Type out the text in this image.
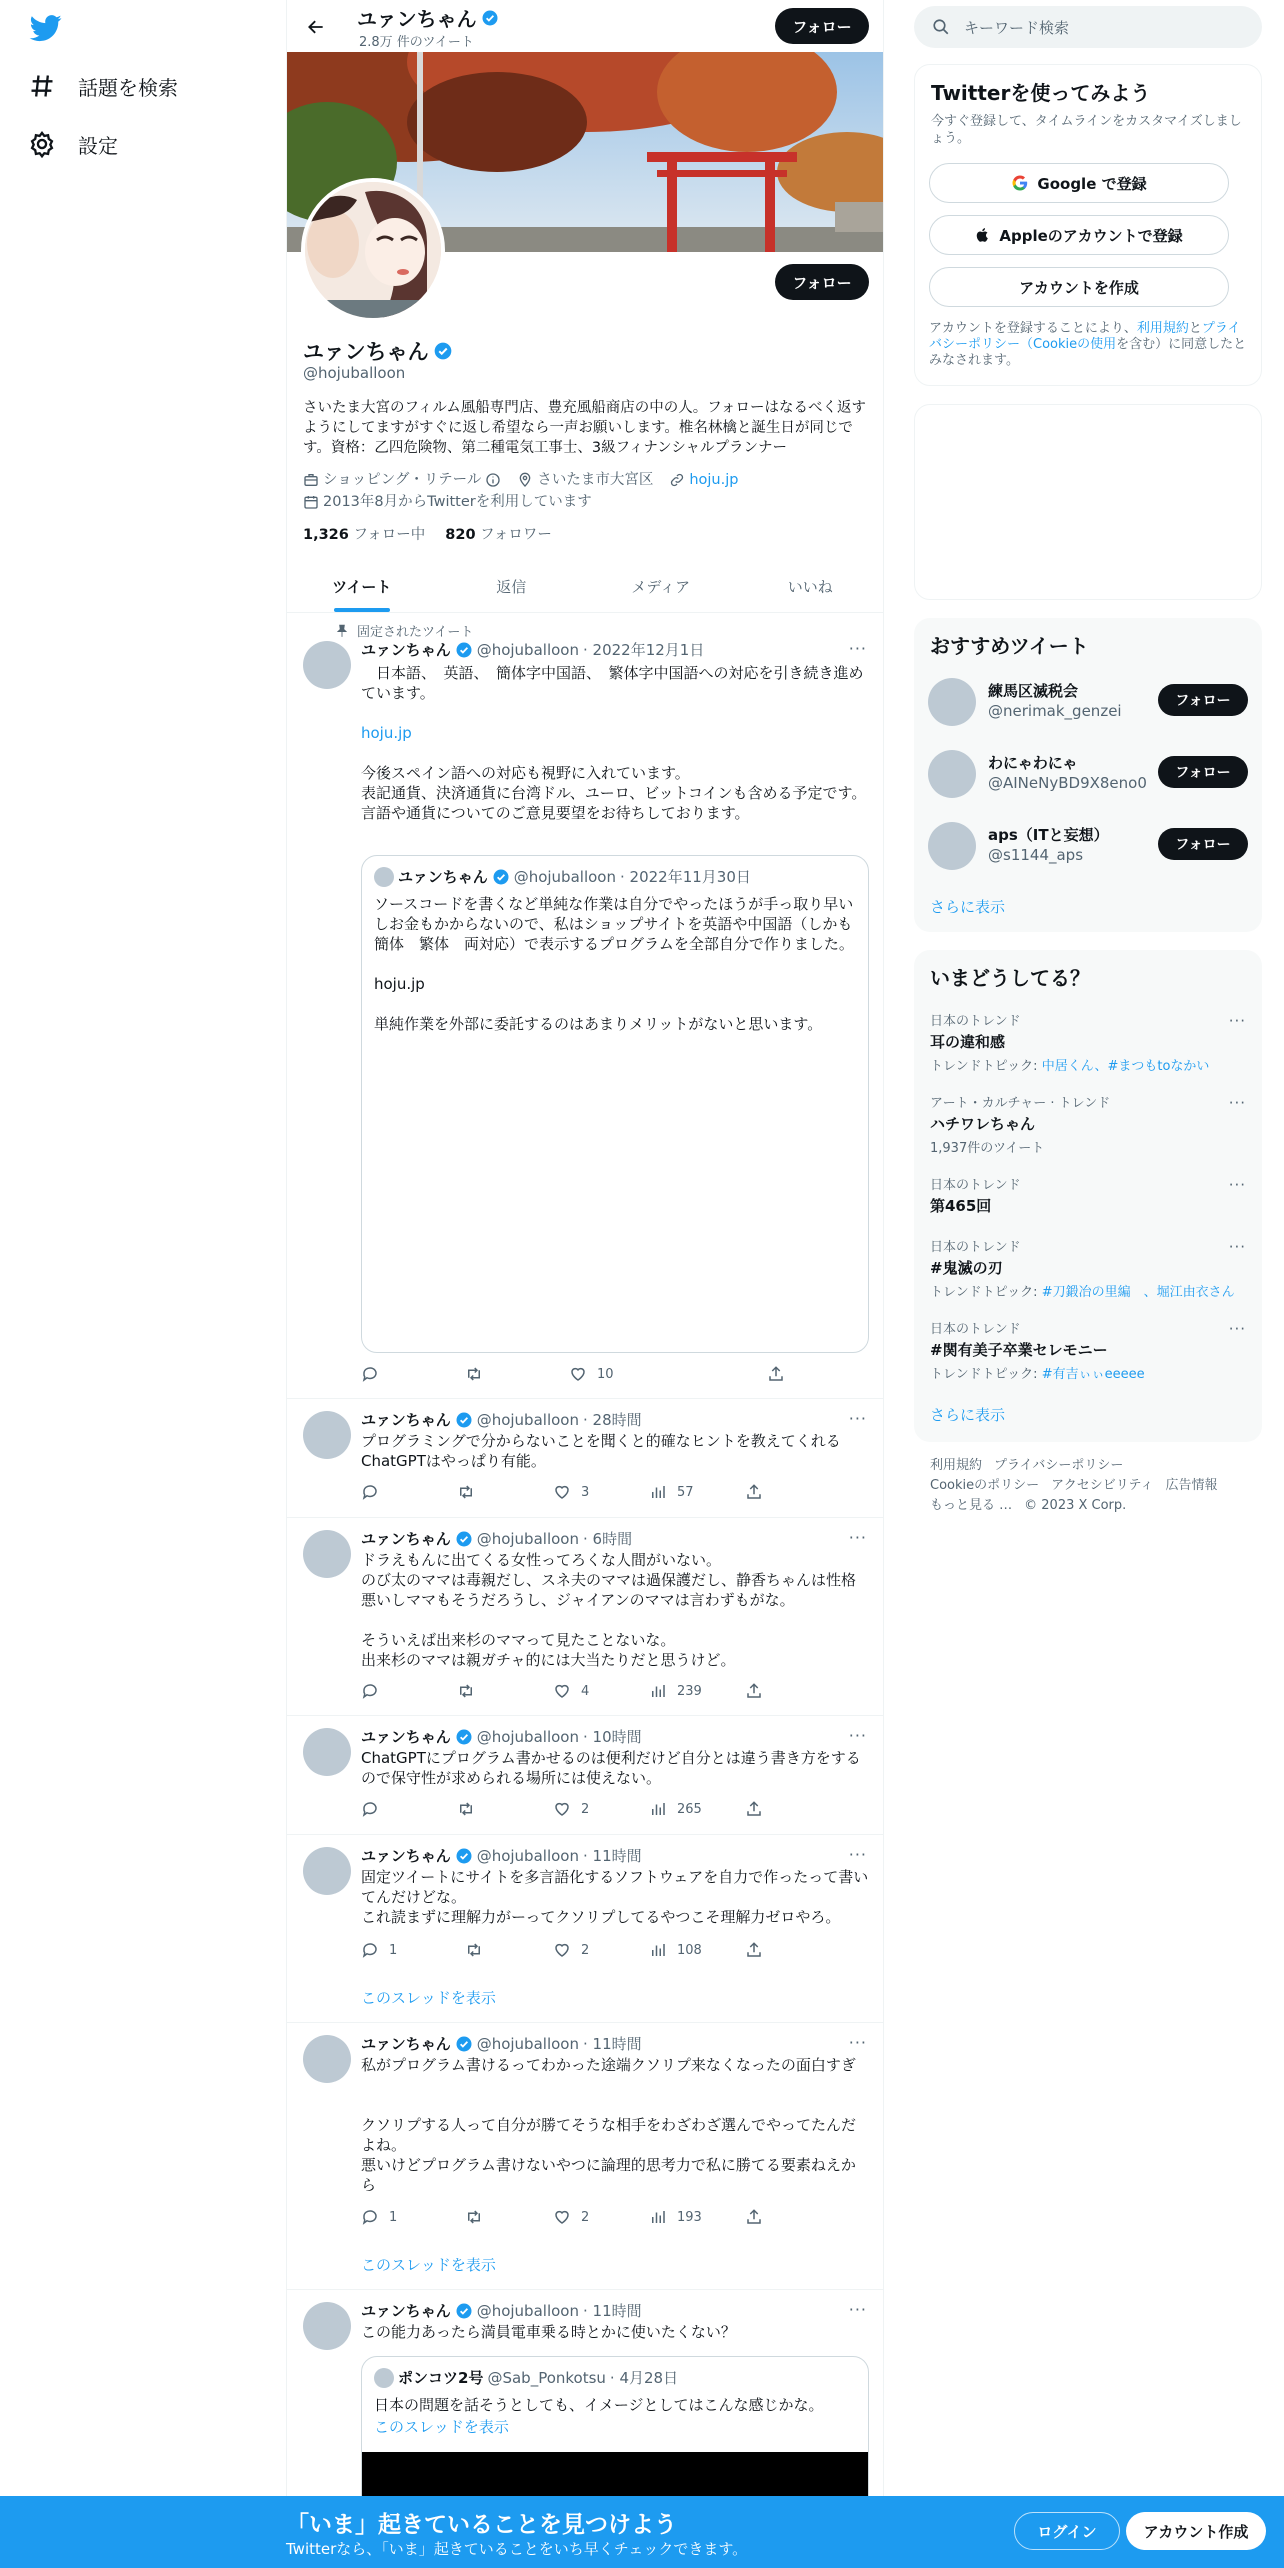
話題を検索
設定
ユァンちゃん
2.8万 件のツイート
フォロー
フォロー
ユァンちゃん
@hojuballoon
さいたま大宮のフィルム風船専門店、豊充風船商店の中の人。フォローはなるべく返すようにしてますがすぐに返し希望なら一声お願いします。椎名林檎と誕生日が同じです。資格：乙四危険物、第二種電気工事士、3級フィナンシャルプランナー
ショッピング・リテール	さいたま市大宮区 hoju.jp
2013年8月からTwitterを利用しています
1,326 フォロー中 820 フォロワー
ツイート	返信	メディア	いいね
固定されたツイート
ユァンちゃん @hojuballoon · 2022年12月1日	···
　日本語、　英語、　簡体字中国語、　繁体字中国語への対応を引き続き進めています。
hoju.jp
今後スペイン語への対応も視野に入れています。
表記通貨、決済通貨に台湾ドル、ユーロ、ビットコインも含める予定です。
言語や通貨についてのご意見要望をお待ちしております。
ユァンちゃん @hojuballoon · 2022年11月30日
ソースコードを書くなど単純な作業は自分でやったほうが手っ取り早いしお金もかからないので、私はショップサイトを英語や中国語（しかも簡体　繁体　両対応）で表示するプログラムを全部自分で作りました。

hoju.jp

単純作業を外部に委託するのはあまりメリットがないと思います。
10
ユァンちゃん @hojuballoon · 28時間	···
プログラミングで分からないことを聞くと的確なヒントを教えてくれるChatGPTはやっぱり有能。
3	57
ユァンちゃん @hojuballoon · 6時間	···
ドラえもんに出てくる女性ってろくな人間がいない。
のび太のママは毒親だし、スネ夫のママは過保護だし、静香ちゃんは性格悪いしママもそうだろうし、ジャイアンのママは言わずもがな。

そういえば出来杉のママって見たことないな。
出来杉のママは親ガチャ的には大当たりだと思うけど。
4	239
ユァンちゃん @hojuballoon · 10時間	···
ChatGPTにプログラム書かせるのは便利だけど自分とは違う書き方をするので保守性が求められる場所には使えない。
2	265
ユァンちゃん @hojuballoon · 11時間	···
固定ツイートにサイトを多言語化するソフトウェアを自力で作ったって書いてんだけどな。
これ読まずに理解力がーってクソリプしてるやつこそ理解力ゼロやろ。
1	2	108
このスレッドを表示
ユァンちゃん @hojuballoon · 11時間	···
私がプログラム書けるってわかった途端クソリプ来なくなったの面白すぎ

クソリプする人って自分が勝てそうな相手をわざわざ選んでやってたんだよね。
悪いけどプログラム書けないやつに論理的思考力で私に勝てる要素ねえから
1	2	193
このスレッドを表示
ユァンちゃん @hojuballoon · 11時間	···
この能力あったら満員電車乗る時とかに使いたくない？
ポンコツ2号 @Sab_Ponkotsu · 4月28日
日本の問題を話そうとしても、イメージとしてはこんな感じかな。
このスレッドを表示
キーワード検索
Twitterを使ってみよう
今すぐ登録して、タイムラインをカスタマイズしましょう。
Google で登録
Appleのアカウントで登録
アカウントを作成
アカウントを登録することにより、利用規約とプライバシーポリシー（Cookieの使用を含む）に同意したとみなされます。
おすすめツイート
練馬区滅税会
@nerimak_genzei
フォロー
わにゃわにゃ
@AINeNyBD9X8eno0
フォロー
aps（ITと妄想）
@s1144_aps
フォロー
さらに表示
いまどうしてる？
日本のトレンド
耳の違和感
トレンドトピック: 中居くん、#まつもtoなかい
···
アート・カルチャー · トレンド
ハチワレちゃん
1,937件のツイート
···
日本のトレンド
第465回
···
日本のトレンド
#鬼滅の刃
トレンドトピック: #刀鍛冶の里編　、堀江由衣さん
···
日本のトレンド
#関有美子卒業セレモニー
トレンドトピック: #有吉ぃぃeeeee
···
さらに表示
利用規約 プライバシーポリシー
Cookieのポリシー アクセシビリティ 広告情報
もっと見る … © 2023 X Corp.
「いま」起きていることを見つけよう
Twitterなら、「いま」起きていることをいち早くチェックできます。
ログイン	アカウント作成
